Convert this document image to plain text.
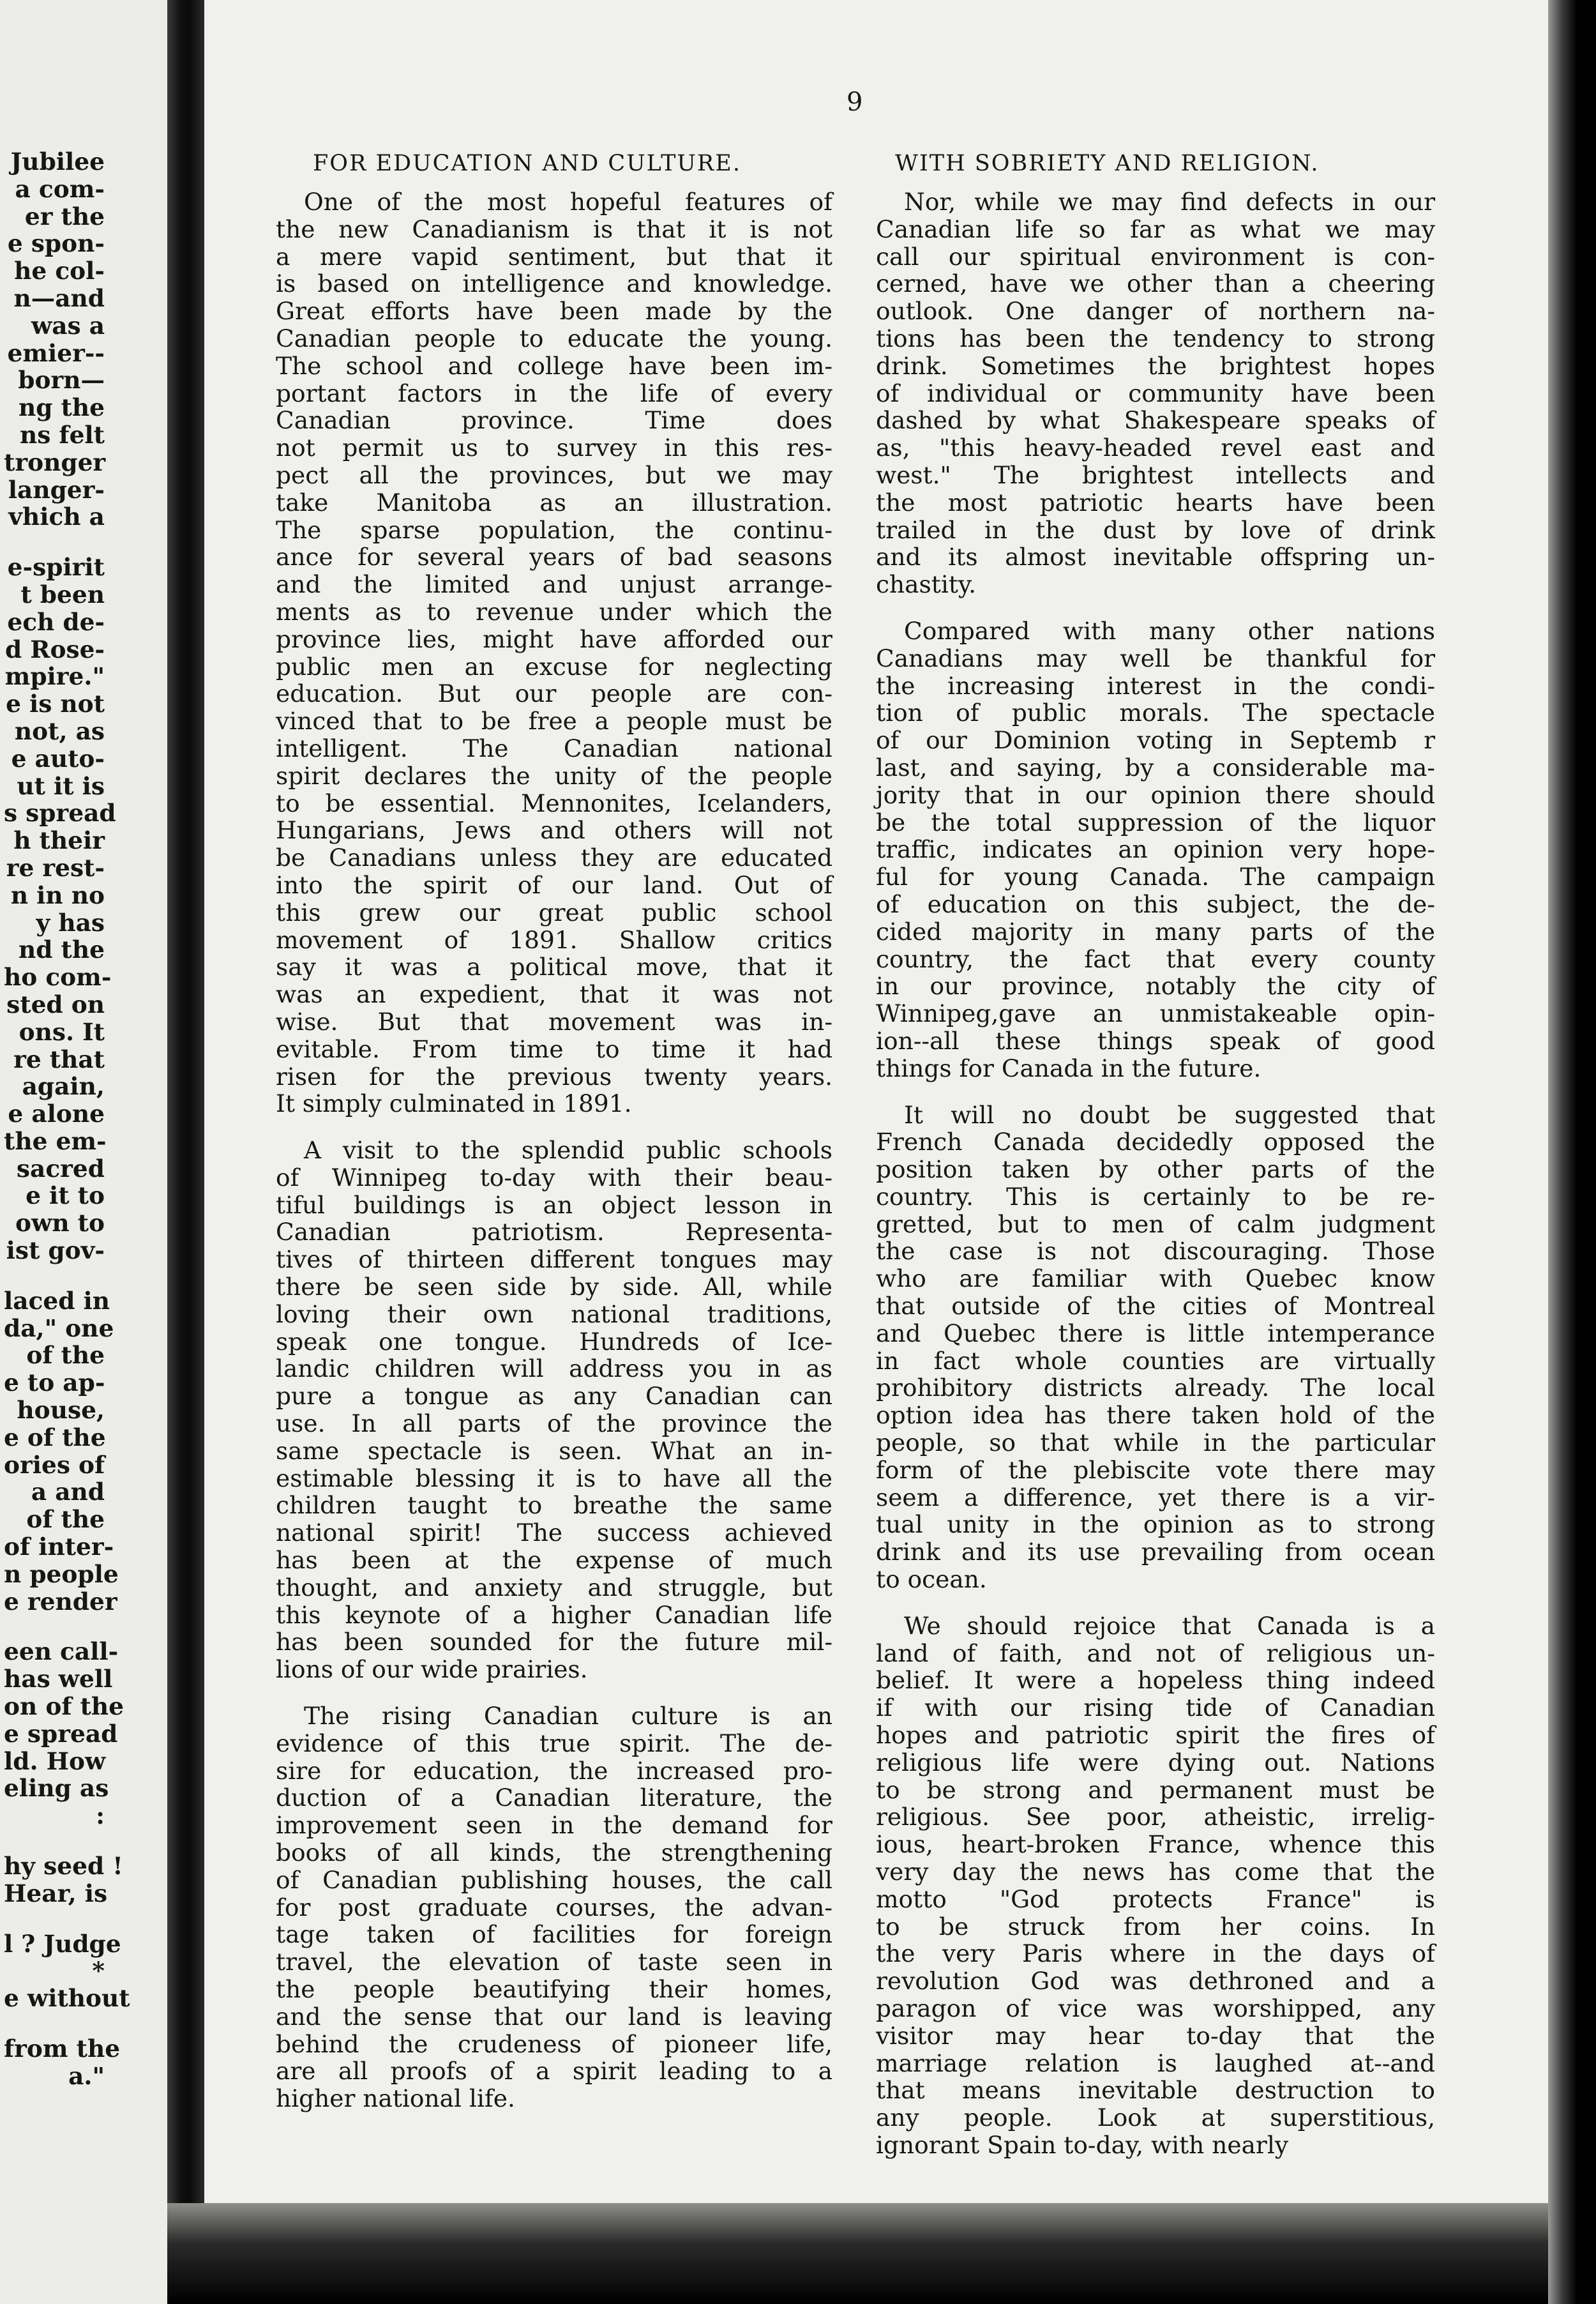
Jubilee
a com-
er the
e spon-
he col-
n—and
was a
emier--
born—
ng the
ns felt
tronger
langer-
vhich a
e-spirit
t been
ech de-
d Rose-
mpire."
e is not
not, as
e auto-
ut it is
s spread
h their
re rest-
n in no
y has
nd the
ho com-
sted on
ons. It
re that
again,
e alone
the em-
sacred
e it to
own to
ist gov-
laced in
da," one
of the
e to ap-
house,
e of the
ories of
a and
of the
of inter-
n people
e render
een call-
has well
on of the
e spread
ld. How
eling as
:
hy seed !
Hear, is
l ? Judge
*
e without
from the
a."
9
FOR EDUCATION AND CULTURE.
One of the most hopeful features of
the new Canadianism is that it is not
a mere vapid sentiment, but that it
is based on intelligence and knowledge.
Great efforts have been made by the
Canadian people to educate the young.
The school and college have been im-
portant factors in the life of every
Canadian province. Time does
not permit us to survey in this res-
pect all the provinces, but we may
take Manitoba as an illustration.
The sparse population, the continu-
ance for several years of bad seasons
and the limited and unjust arrange-
ments as to revenue under which the
province lies, might have afforded our
public men an excuse for neglecting
education. But our people are con-
vinced that to be free a people must be
intelligent. The Canadian national
spirit declares the unity of the people
to be essential. Mennonites, Icelanders,
Hungarians, Jews and others will not
be Canadians unless they are educated
into the spirit of our land. Out of
this grew our great public school
movement of 1891. Shallow critics
say it was a political move, that it
was an expedient, that it was not
wise. But that movement was in-
evitable. From time to time it had
risen for the previous twenty years.
It simply culminated in 1891.
A visit to the splendid public schools
of Winnipeg to-day with their beau-
tiful buildings is an object lesson in
Canadian patriotism. Representa-
tives of thirteen different tongues may
there be seen side by side. All, while
loving their own national traditions,
speak one tongue. Hundreds of Ice-
landic children will address you in as
pure a tongue as any Canadian can
use. In all parts of the province the
same spectacle is seen. What an in-
estimable blessing it is to have all the
children taught to breathe the same
national spirit! The success achieved
has been at the expense of much
thought, and anxiety and struggle, but
this keynote of a higher Canadian life
has been sounded for the future mil-
lions of our wide prairies.
The rising Canadian culture is an
evidence of this true spirit. The de-
sire for education, the increased pro-
duction of a Canadian literature, the
improvement seen in the demand for
books of all kinds, the strengthening
of Canadian publishing houses, the call
for post graduate courses, the advan-
tage taken of facilities for foreign
travel, the elevation of taste seen in
the people beautifying their homes,
and the sense that our land is leaving
behind the crudeness of pioneer life,
are all proofs of a spirit leading to a
higher national life.
WITH SOBRIETY AND RELIGION.
Nor, while we may find defects in our
Canadian life so far as what we may
call our spiritual environment is con-
cerned, have we other than a cheering
outlook. One danger of northern na-
tions has been the tendency to strong
drink. Sometimes the brightest hopes
of individual or community have been
dashed by what Shakespeare speaks of
as, "this heavy-headed revel east and
west." The brightest intellects and
the most patriotic hearts have been
trailed in the dust by love of drink
and its almost inevitable offspring un-
chastity.
Compared with many other nations
Canadians may well be thankful for
the increasing interest in the condi-
tion of public morals. The spectacle
of our Dominion voting in Septemb r
last, and saying, by a considerable ma-
jority that in our opinion there should
be the total suppression of the liquor
traffic, indicates an opinion very hope-
ful for young Canada. The campaign
of education on this subject, the de-
cided majority in many parts of the
country, the fact that every county
in our province, notably the city of
Winnipeg,gave an unmistakeable opin-
ion--all these things speak of good
things for Canada in the future.
It will no doubt be suggested that
French Canada decidedly opposed the
position taken by other parts of the
country. This is certainly to be re-
gretted, but to men of calm judgment
the case is not discouraging. Those
who are familiar with Quebec know
that outside of the cities of Montreal
and Quebec there is little intemperance
in fact whole counties are virtually
prohibitory districts already. The local
option idea has there taken hold of the
people, so that while in the particular
form of the plebiscite vote there may
seem a difference, yet there is a vir-
tual unity in the opinion as to strong
drink and its use prevailing from ocean
to ocean.
We should rejoice that Canada is a
land of faith, and not of religious un-
belief. It were a hopeless thing indeed
if with our rising tide of Canadian
hopes and patriotic spirit the fires of
religious life were dying out. Nations
to be strong and permanent must be
religious. See poor, atheistic, irrelig-
ious, heart-broken France, whence this
very day the news has come that the
motto "God protects France" is
to be struck from her coins. In
the very Paris where in the days of
revolution God was dethroned and a
paragon of vice was worshipped, any
visitor may hear to-day that the
marriage relation is laughed at--and
that means inevitable destruction to
any people. Look at superstitious,
ignorant Spain to-day, with nearly
